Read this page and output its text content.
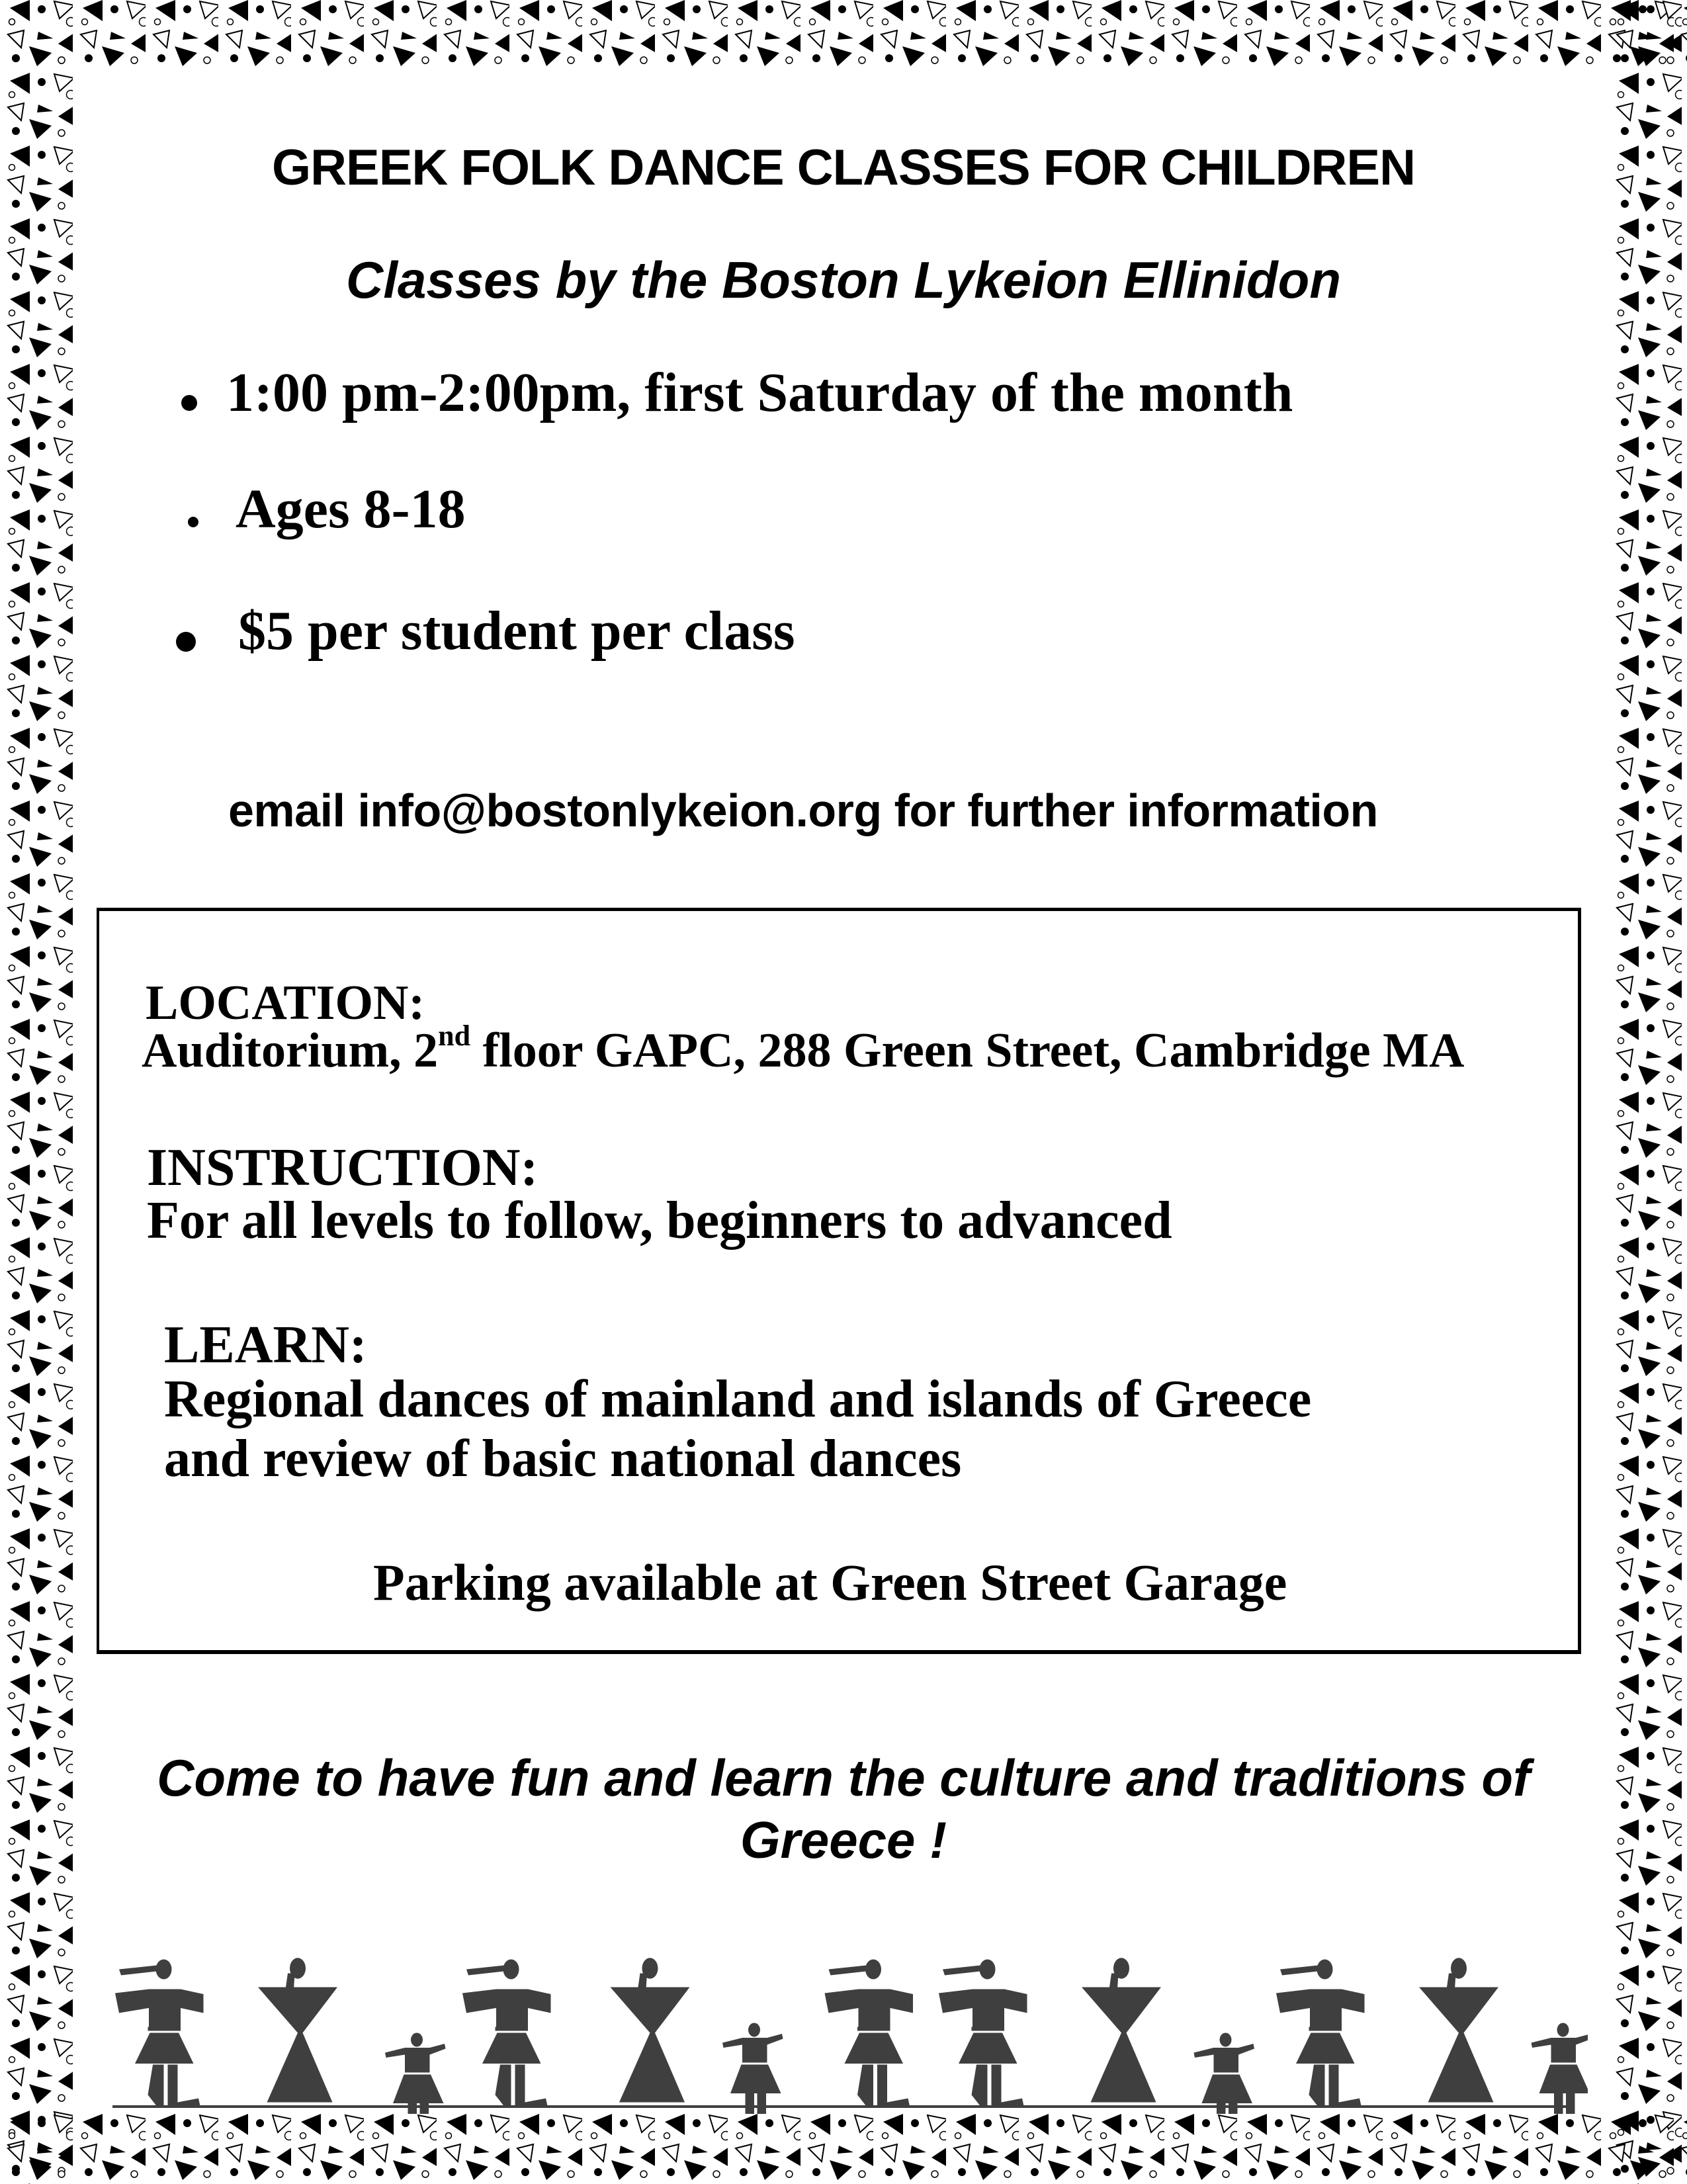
GREEK FOLK DANCE CLASSES FOR CHILDREN
Classes by the Boston Lykeion Ellinidon
1:00 pm-2:00pm, first Saturday of the month
Ages 8-18
$5 per student per class
email info@bostonlykeion.org for further information
LOCATION:
Auditorium, 2nd floor GAPC, 288 Green Street, Cambridge MA
INSTRUCTION:
For all levels to follow, beginners to advanced
LEARN:
Regional dances of mainland and islands of Greece
and review of basic national dances
Parking available at Green Street Garage
Come to have fun and learn the culture and traditions of
Greece !
